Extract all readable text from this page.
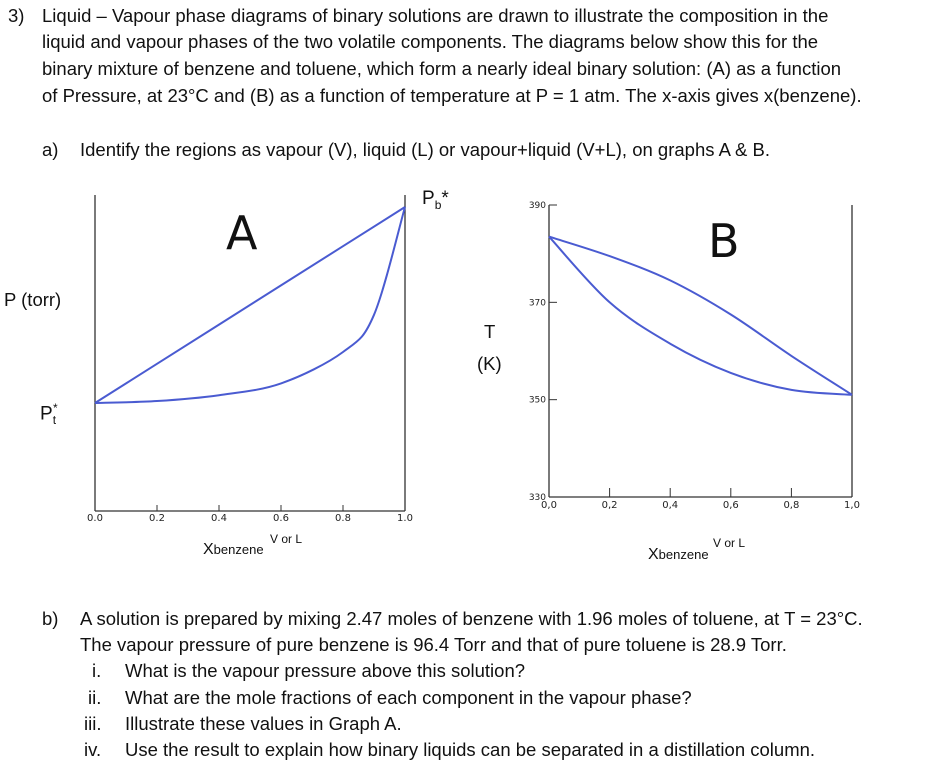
3) Liquid – Vapour phase diagrams of binary solutions are drawn to illustrate the composition in the
liquid and vapour phases of the two volatile components. The diagrams below show this for the
binary mixture of benzene and toluene, which form a nearly ideal binary solution: (A) as a function
of Pressure, at 23°C and (B) as a function of temperature at P = 1 atm. The x-axis gives x(benzene).
a) Identify the regions as vapour (V), liquid (L) or vapour+liquid (V+L), on graphs A & B.
0.0	0.2	0.4	0.6	0.8	1.0
390
370
350
330
0,0	0,2	0,4	0,6	0,8	1,0
A
P (torr)
$P_t^*$
$P_b*$
Xbenzene
V or L
B
T
(K)
Xbenzene
V or L
b) A solution is prepared by mixing 2.47 moles of benzene with 1.96 moles of toluene, at T = 23°C.
The vapour pressure of pure benzene is 96.4 Torr and that of pure toluene is 28.9 Torr.
i. What is the vapour pressure above this solution?
ii. What are the mole fractions of each component in the vapour phase?
iii. Illustrate these values in Graph A.
iv. Use the result to explain how binary liquids can be separated in a distillation column.
